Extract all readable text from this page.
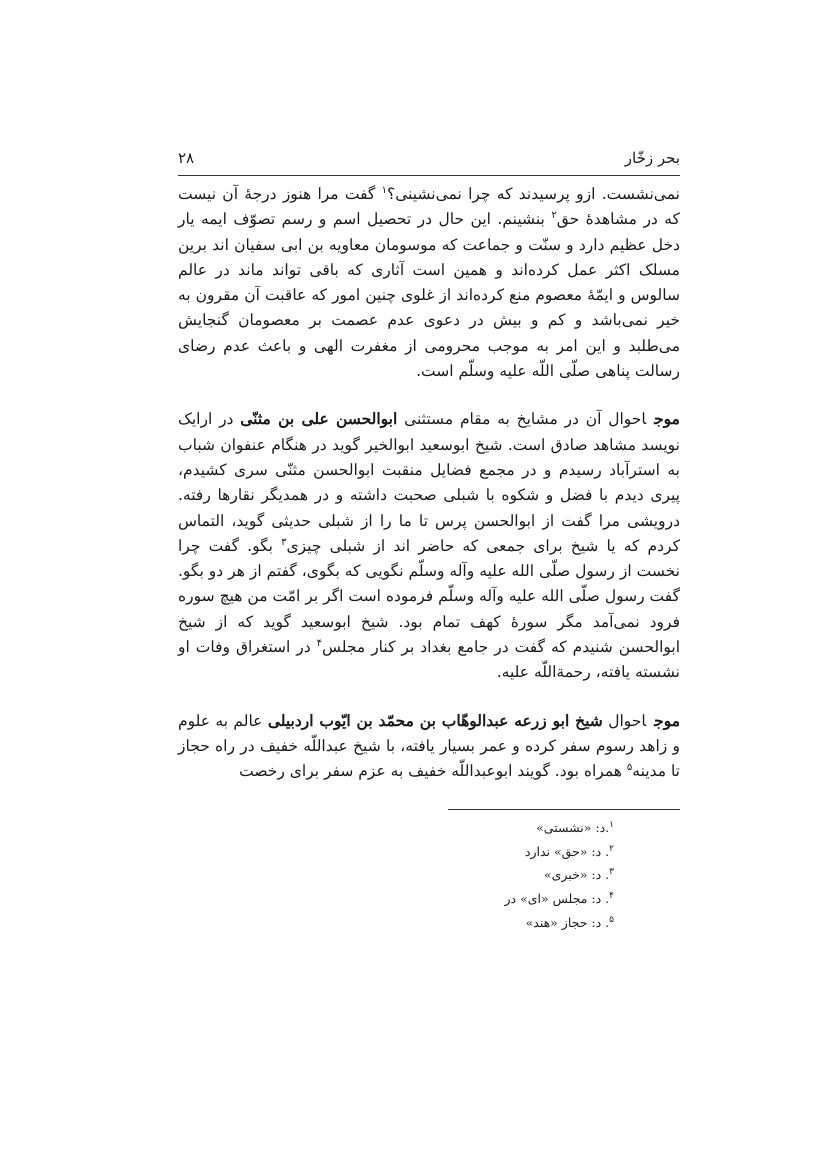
۲۸	بحر زخّار

نمی‌نشست. ازو پرسیدند که چرا نمی‌نشینی؟$^۱$ گفت مرا هنوز درجهٔ آن نیست که در مشاهدهٔ حق$^۲$ بنشینم. این حال در تحصیل اسم و رسم تصوّف ایمه یار دخل عظیم دارد و سنّت و جماعت که موسومان معاویه بن ابی سفیان اند برین مسلک اکثر عمل کرده‌اند و همین است آثاری که باقی تواند ماند در عالم سالوس و ایمّهٔ معصوم منع کرده‌اند از غلوی چنین امور که عاقبت آن مقرون به خیر نمی‌باشد و کم و بیش در دعوی عدم عصمت بر معصومان گنجایش می‌طلبد و این امر به موجب محرومی از مغفرت الهی و باعث عدم رضای رسالت پناهی صلّی اللّه علیه وسلّم است.

موجاحوال آن در مشایخ به مقام مستثنی ابوالحسن علی بن مثنّی در ارایک نویسد مشاهد صادق است. شیخ ابوسعید ابوالخیر گوید در هنگام عنفوان شباب به استرآباد رسیدم و در مجمع فضایل منقبت ابوالحسن مثنّی سری کشیدم، پیری دیدم با فضل و شکوه با شبلی صحبت داشته و در همدیگر نقارها رفته. درویشی مرا گفت از ابوالحسن پرس تا ما را از شبلی حدیثی گوید، التماس کردم که یا شیخ برای جمعی که حاضر اند از شبلی چیزی$^۳$ بگو. گفت چرا نخست از رسول صلّی الله علیه وآله وسلّم نگویی که بگوی، گفتم از هر دو بگو. گفت رسول صلّی الله علیه وآله وسلّم فرموده است اگر بر امّت من هیچ سوره فرود نمی‌آمد مگر سورهٔ کهف تمام بود. شیخ ابوسعید گوید که از شیخ ابوالحسن شنیدم که گفت در جامع بغداد بر کنار مجلس$^۴$ در استغراق وفات او نشسته یافته، رحمةاللّه علیه.

موجاحوال شیخ ابو زرعه عبدالوهّاب بن محمّد بن ایّوب اردبیلی عالم به علوم و زاهد رسوم سفر کرده و عمر بسیار یافته، با شیخ عبداللّه خفیف در راه حجاز تا مدینه$^۵$ همراه بود. گویند ابوعبداللّه خفیف به عزم سفر برای رخصت

$^۱$.د: «نشستی»
$^۲$. د: «حق» ندارد
$^۳$. د: «خبری»
$^۴$. د: مجلس «ای» در
$^۵$. د: حجاز «هند»
